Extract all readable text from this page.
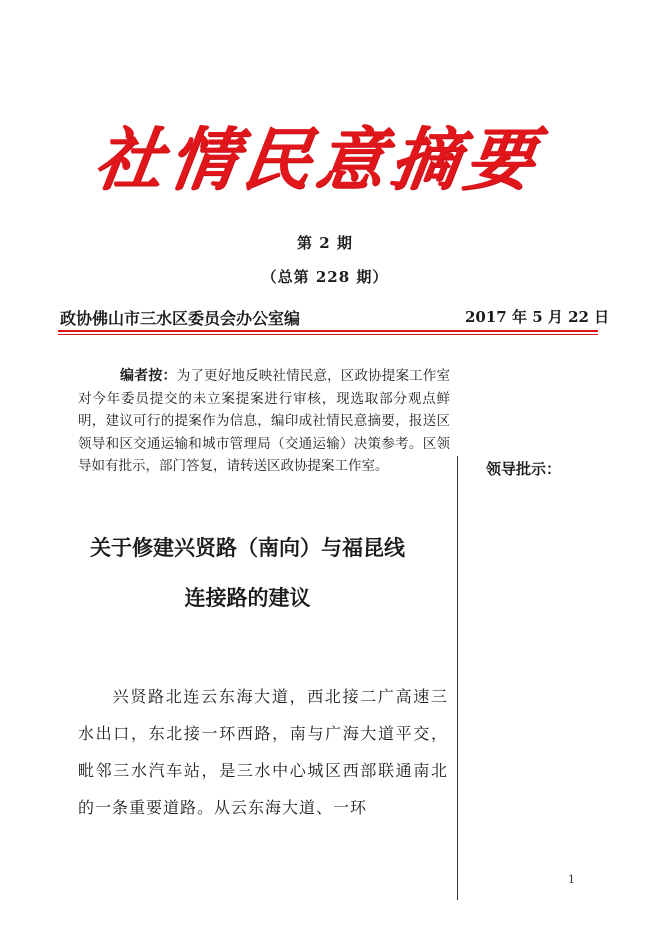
社情民意摘要
第 2 期
（总第 228 期）
政协佛山市三水区委员会办公室编	2017 年 5 月 22 日
编者按：为了更好地反映社情民意，区政协提案工作室对今年委员提交的未立案提案进行审核，现选取部分观点鲜明，建议可行的提案作为信息，编印成社情民意摘要，报送区领导和区交通运输和城市管理局（交通运输）决策参考。区领导如有批示，部门答复，请转送区政协提案工作室。	领导批示：
关于修建兴贤路（南向）与福昆线
连接路的建议
兴贤路北连云东海大道，西北接二广高速三水出口，东北接一环西路，南与广海大道平交，毗邻三水汽车站，是三水中心城区西部联通南北的一条重要道路。从云东海大道、一环
1
